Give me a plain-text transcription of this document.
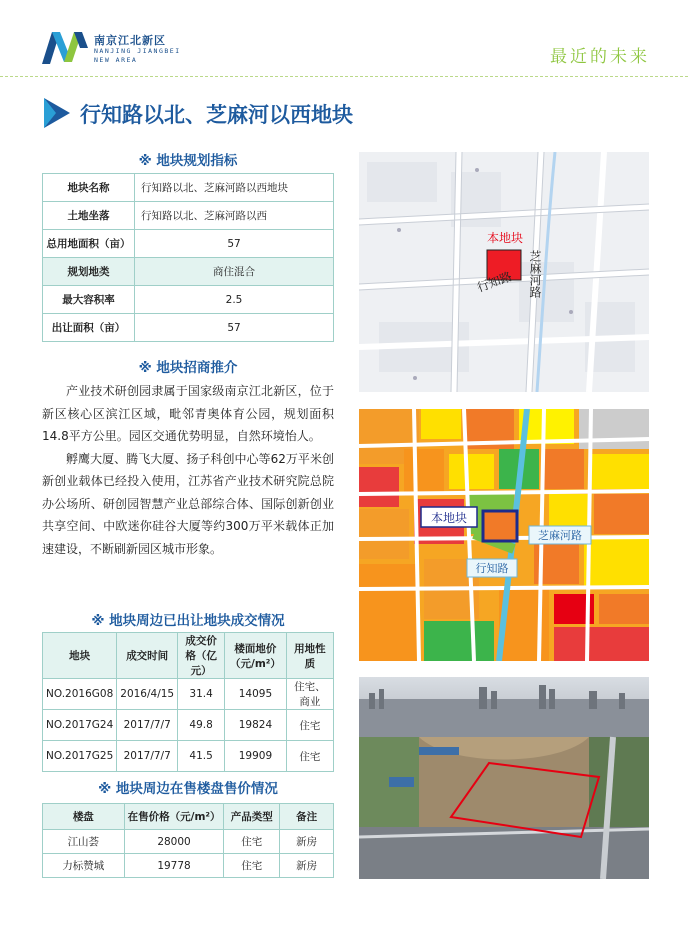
南京江北新区
NANJING JIANGBEI
NEW AREA	最近的未来
行知路以北、芝麻河以西地块
※ 地块规划指标
地块名称	行知路以北、芝麻河路以西地块
土地坐落	行知路以北、芝麻河路以西
总用地面积（亩）	57
规划地类	商住混合
最大容积率	2.5
出让面积（亩）	57
※ 地块招商推介

产业技术研创园隶属于国家级南京江北新区，位于新区核心区滨江区域，毗邻青奥体育公园，规划面积14.8平方公里。园区交通优势明显，自然环境怡人。

孵鹰大厦、腾飞大厦、扬子科创中心等62万平米创新创业载体已经投入使用，江苏省产业技术研究院总院办公场所、研创园智慧产业总部综合体、国际创新创业共享空间、中欧迷你硅谷大厦等约300万平米载体正加速建设，不断刷新园区城市形象。

※ 地块周边已出让地块成交情况
地块	成交时间	成交价格（亿元）	楼面地价（元/m²）	用地性质
NO.2016G08	2016/4/15	31.4	14095	住宅、商业
NO.2017G24	2017/7/7	49.8	19824	住宅
NO.2017G25	2017/7/7	41.5	19909	住宅
※ 地块周边在售楼盘售价情况
楼盘	在售价格（元/m²）	产品类型	备注
江山荟	28000	住宅	新房
力标赞城	19778	住宅	新房
本地块
行知路 芝麻河路
本地块
芝麻河路
行知路
